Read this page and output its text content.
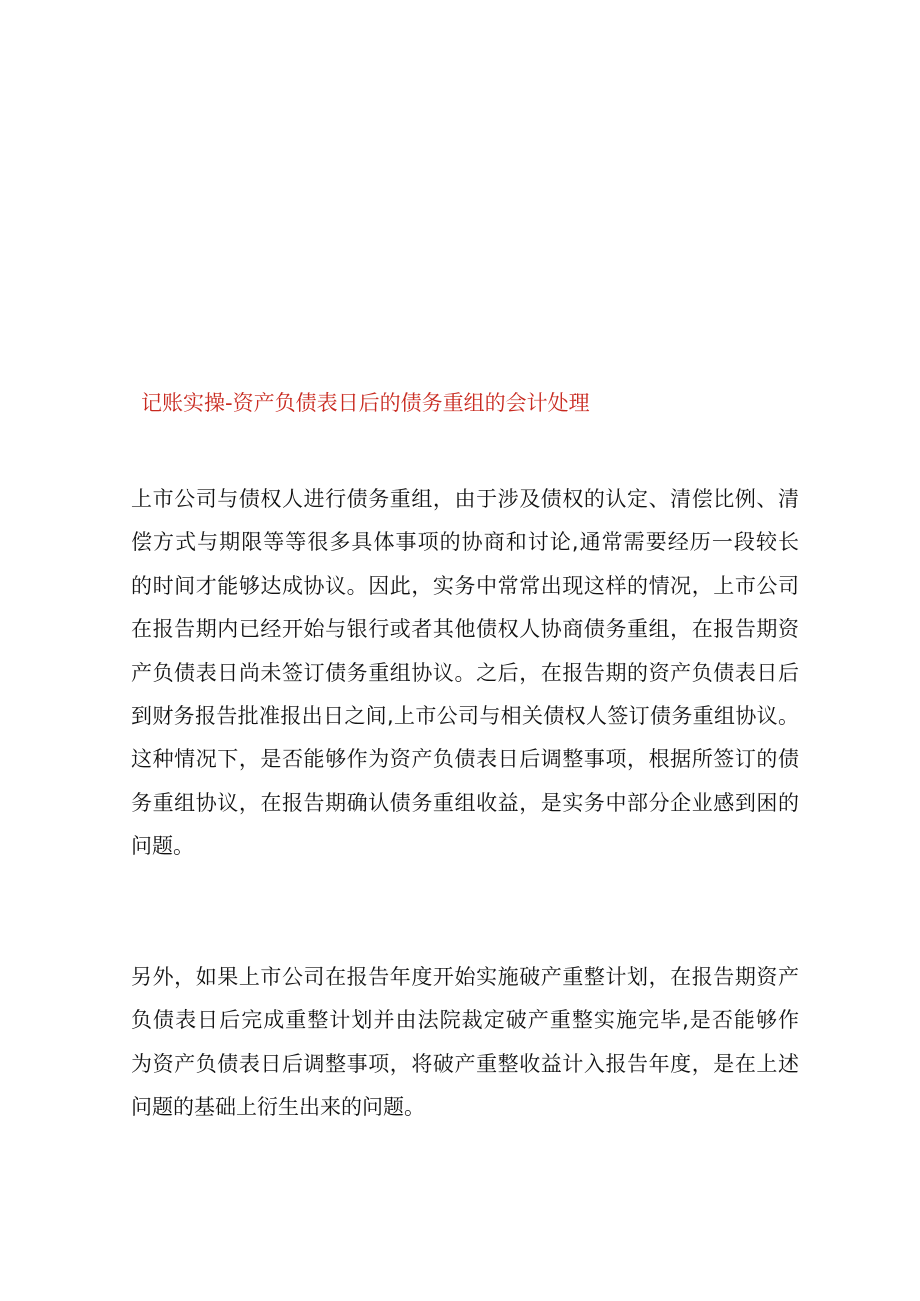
记账实操-资产负债表日后的债务重组的会计处理
上市公司与债权人进行债务重组，由于涉及债权的认定、清偿比例、清
偿方式与期限等等很多具体事项的协商和讨论,通常需要经历一段较长
的时间才能够达成协议。因此，实务中常常出现这样的情况，上市公司
在报告期内已经开始与银行或者其他债权人协商债务重组，在报告期资
产负债表日尚未签订债务重组协议。之后，在报告期的资产负债表日后
到财务报告批准报出日之间,上市公司与相关债权人签订债务重组协议。
这种情况下，是否能够作为资产负债表日后调整事项，根据所签订的债
务重组协议，在报告期确认债务重组收益，是实务中部分企业感到困的
问题。
另外，如果上市公司在报告年度开始实施破产重整计划，在报告期资产
负债表日后完成重整计划并由法院裁定破产重整实施完毕,是否能够作
为资产负债表日后调整事项，将破产重整收益计入报告年度，是在上述
问题的基础上衍生出来的问题。
